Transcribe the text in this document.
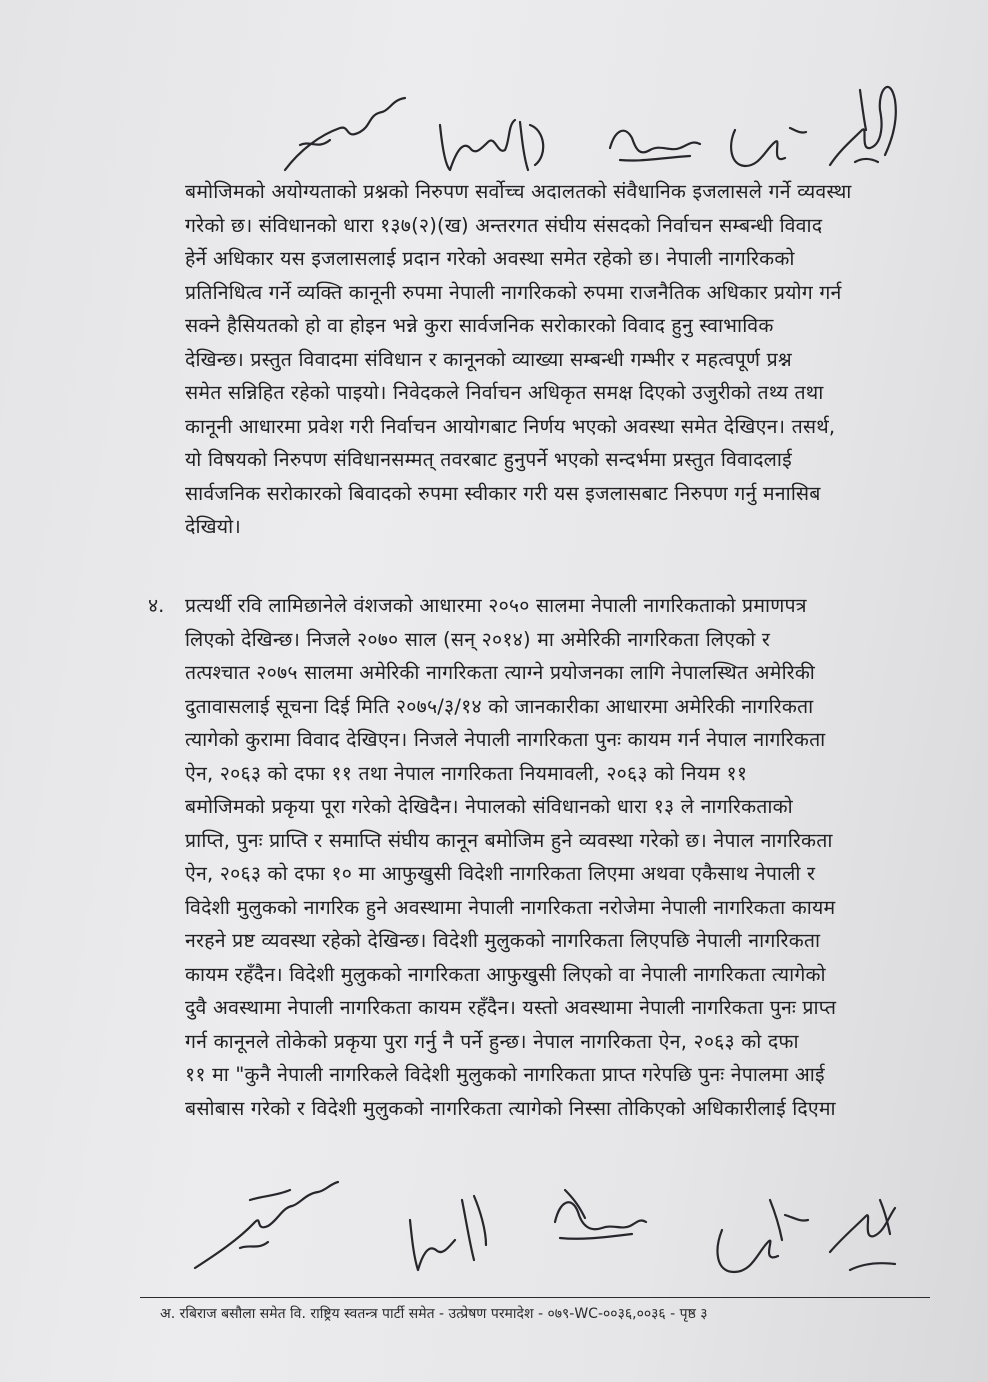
बमोजिमको अयोग्यताको प्रश्नको निरुपण सर्वोच्च अदालतको संवैधानिक इजलासले गर्ने व्यवस्था
गरेको छ। संविधानको धारा १३७(२)(ख) अन्तरगत संघीय संसदको निर्वाचन सम्बन्धी विवाद
हेर्ने अधिकार यस इजलासलाई प्रदान गरेको अवस्था समेत रहेको छ। नेपाली नागरिकको
प्रतिनिधित्व गर्ने व्यक्ति कानूनी रुपमा नेपाली नागरिकको रुपमा राजनैतिक अधिकार प्रयोग गर्न
सक्ने हैसियतको हो वा होइन भन्ने कुरा सार्वजनिक सरोकारको विवाद हुनु स्वाभाविक
देखिन्छ। प्रस्तुत विवादमा संविधान र कानूनको व्याख्या सम्बन्धी गम्भीर र महत्वपूर्ण प्रश्न
समेत सन्निहित रहेको पाइयो। निवेदकले निर्वाचन अधिकृत समक्ष दिएको उजुरीको तथ्य तथा
कानूनी आधारमा प्रवेश गरी निर्वाचन आयोगबाट निर्णय भएको अवस्था समेत देखिएन। तसर्थ,
यो विषयको निरुपण संविधानसम्मत् तवरबाट हुनुपर्ने भएको सन्दर्भमा प्रस्तुत विवादलाई
सार्वजनिक सरोकारको बिवादको रुपमा स्वीकार गरी यस इजलासबाट निरुपण गर्नु मनासिब
देखियो।
४. प्रत्यर्थी रवि लामिछानेले वंशजको आधारमा २०५० सालमा नेपाली नागरिकताको प्रमाणपत्र
लिएको देखिन्छ। निजले २०७० साल (सन् २०१४) मा अमेरिकी नागरिकता लिएको र
तत्पश्चात २०७५ सालमा अमेरिकी नागरिकता त्याग्ने प्रयोजनका लागि नेपालस्थित अमेरिकी
दुतावासलाई सूचना दिई मिति २०७५/३/१४ को जानकारीका आधारमा अमेरिकी नागरिकता
त्यागेको कुरामा विवाद देखिएन। निजले नेपाली नागरिकता पुनः कायम गर्न नेपाल नागरिकता
ऐन, २०६३ को दफा ११ तथा नेपाल नागरिकता नियमावली, २०६३ को नियम ११
बमोजिमको प्रकृया पूरा गरेको देखिदैन। नेपालको संविधानको धारा १३ ले नागरिकताको
प्राप्ति, पुनः प्राप्ति र समाप्ति संघीय कानून बमोजिम हुने व्यवस्था गरेको छ। नेपाल नागरिकता
ऐन, २०६३ को दफा १० मा आफुखुसी विदेशी नागरिकता लिएमा अथवा एकैसाथ नेपाली र
विदेशी मुलुकको नागरिक हुने अवस्थामा नेपाली नागरिकता नरोजेमा नेपाली नागरिकता कायम
नरहने प्रष्ट व्यवस्था रहेको देखिन्छ। विदेशी मुलुकको नागरिकता लिएपछि नेपाली नागरिकता
कायम रहँदैन। विदेशी मुलुकको नागरिकता आफुखुसी लिएको वा नेपाली नागरिकता त्यागेको
दुवै अवस्थामा नेपाली नागरिकता कायम रहँदैन। यस्तो अवस्थामा नेपाली नागरिकता पुनः प्राप्त
गर्न कानूनले तोकेको प्रकृया पुरा गर्नु नै पर्ने हुन्छ। नेपाल नागरिकता ऐन, २०६३ को दफा
११ मा "कुनै नेपाली नागरिकले विदेशी मुलुकको नागरिकता प्राप्त गरेपछि पुनः नेपालमा आई
बसोबास गरेको र विदेशी मुलुकको नागरिकता त्यागेको निस्सा तोकिएको अधिकारीलाई दिएमा
अ. रबिराज बसौला समेत वि. राष्ट्रिय स्वतन्त्र पार्टी समेत - उत्प्रेषण परमादेश - ०७९-WC-००३६,००३६ - पृष्ठ ३
